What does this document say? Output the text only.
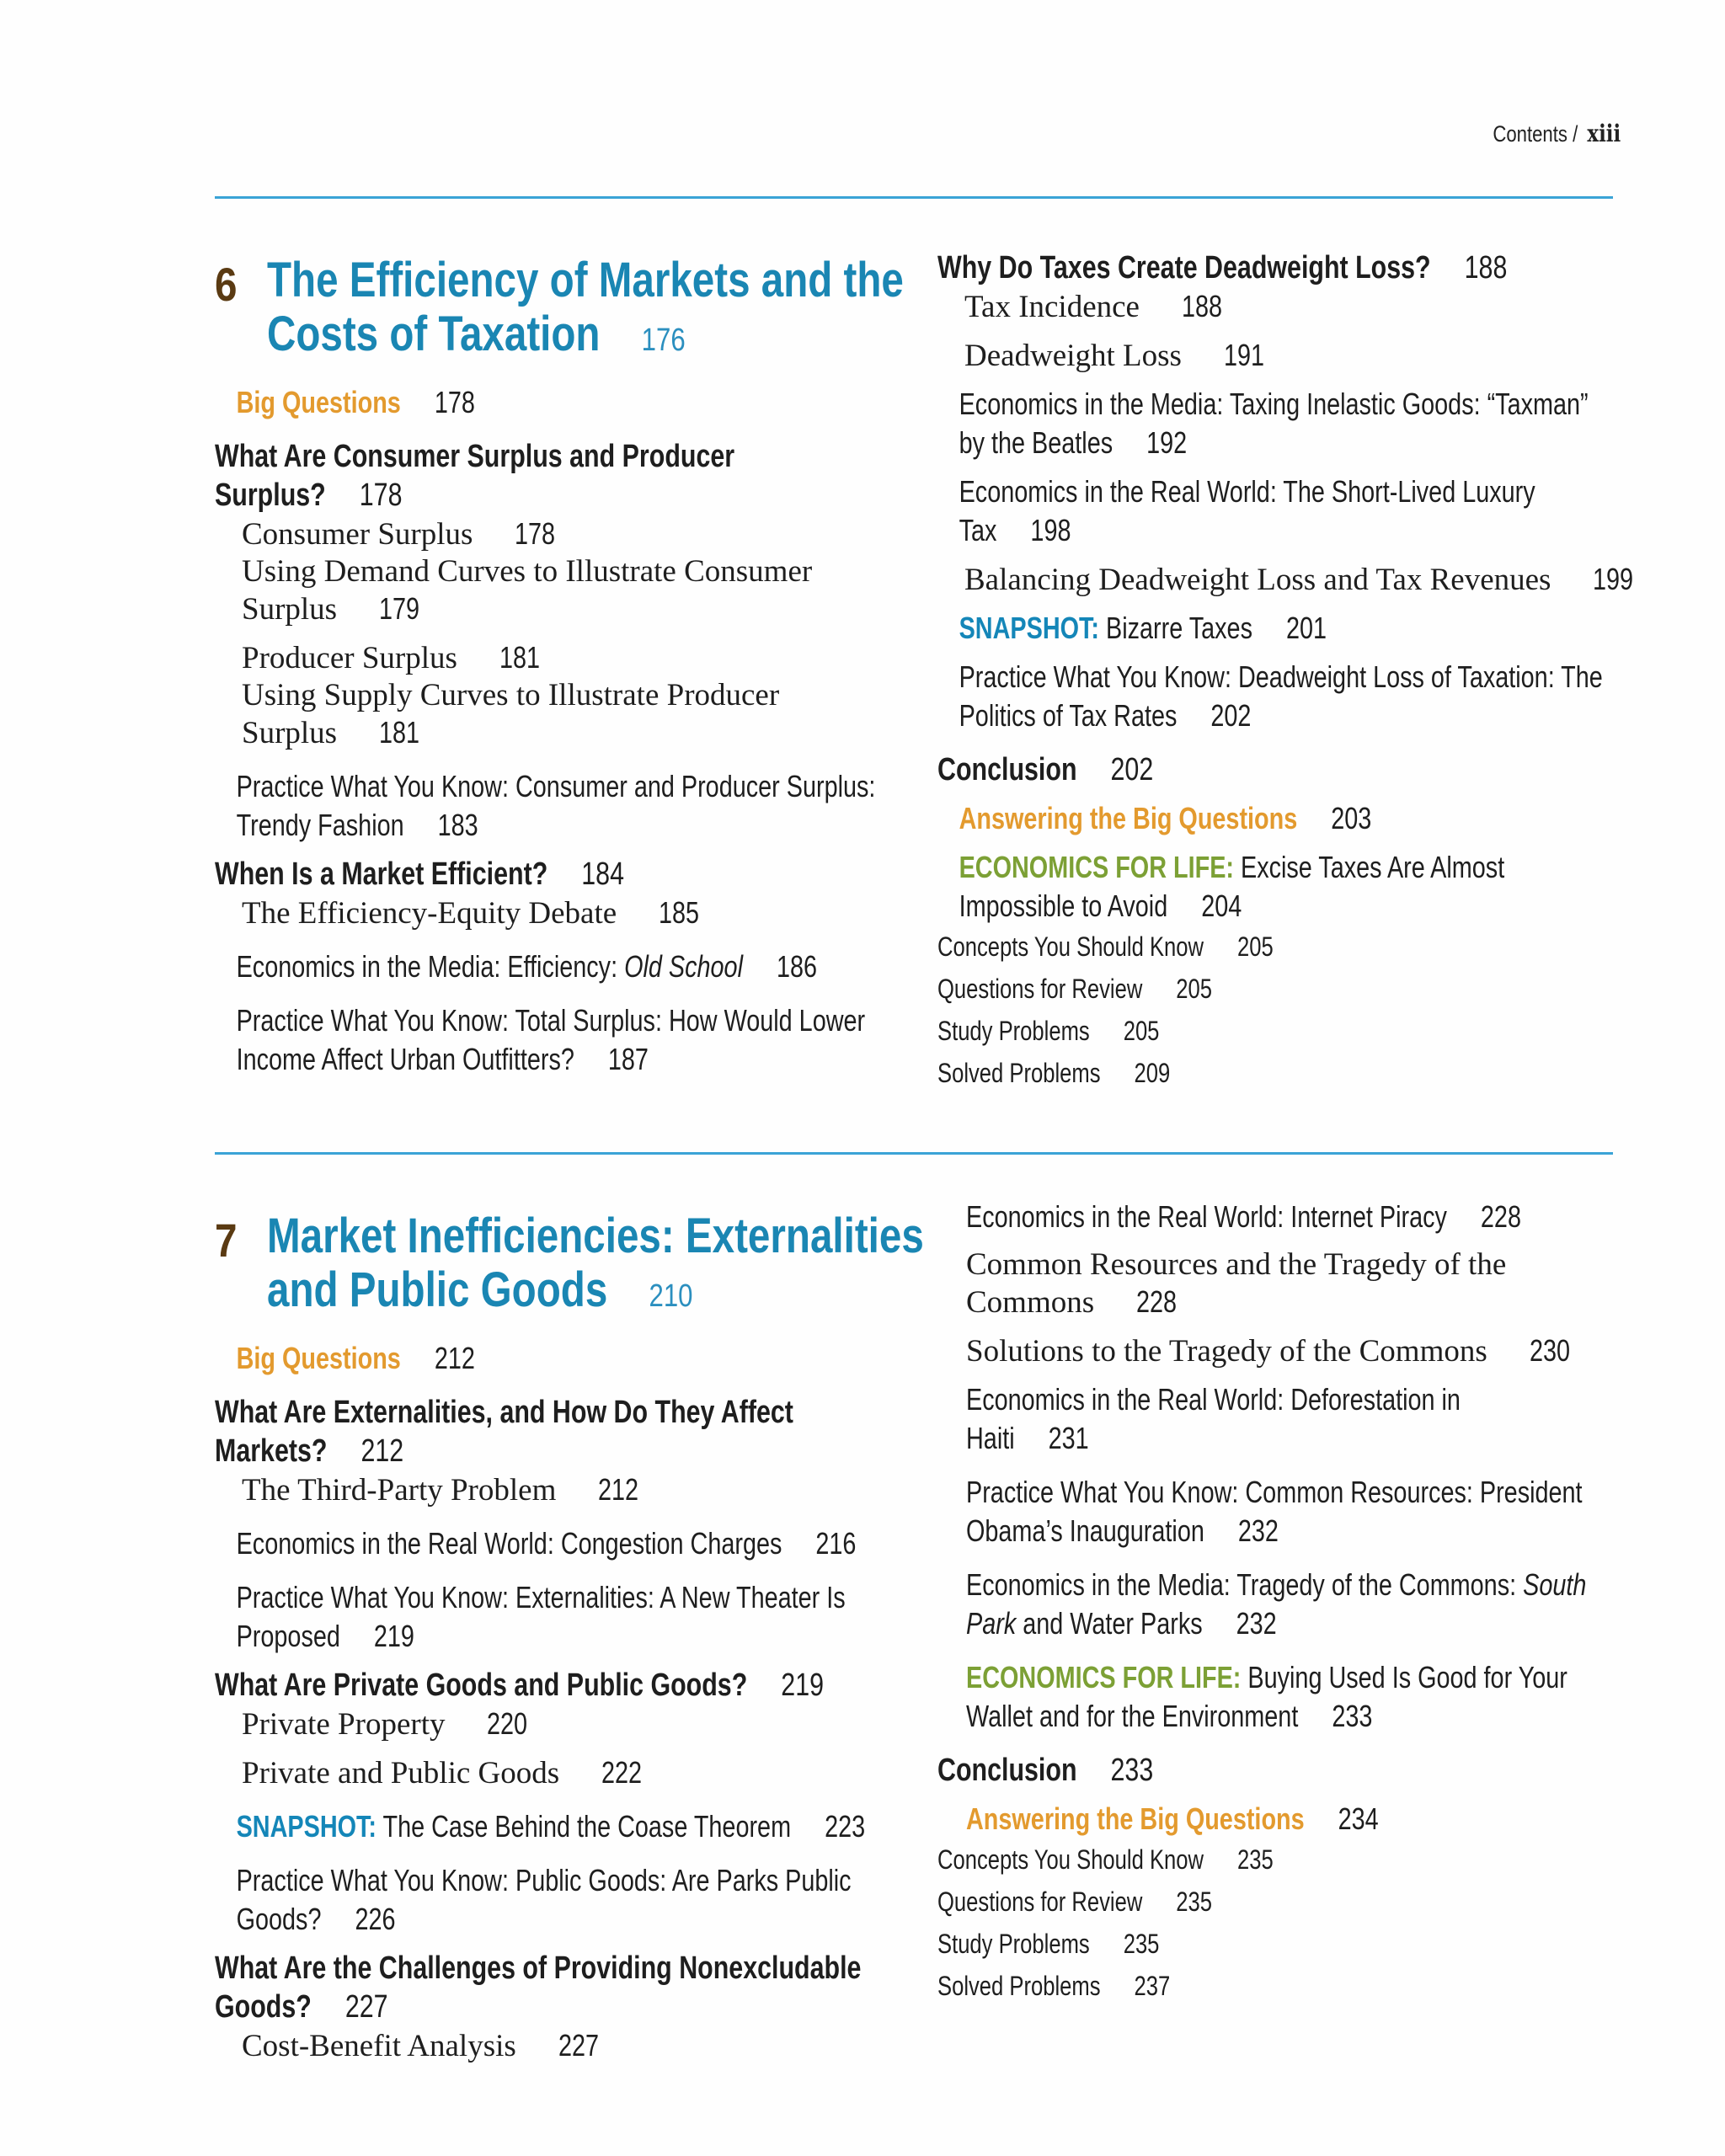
Contents / xiii
6 The Efficiency of Markets and the
Costs of Taxation 176
Big Questions 178
What Are Consumer Surplus and Producer
Surplus? 178
Consumer Surplus 178
Using Demand Curves to Illustrate Consumer
Surplus 179
Producer Surplus 181
Using Supply Curves to Illustrate Producer
Surplus 181
Practice What You Know: Consumer and Producer Surplus:
Trendy Fashion 183
When Is a Market Efficient? 184
The Efficiency-Equity Debate 185
Economics in the Media: Efficiency: Old School 186
Practice What You Know: Total Surplus: How Would Lower
Income Affect Urban Outfitters? 187
Why Do Taxes Create Deadweight Loss? 188
Tax Incidence 188
Deadweight Loss 191
Economics in the Media: Taxing Inelastic Goods: “Taxman”
by the Beatles 192
Economics in the Real World: The Short-Lived Luxury
Tax 198
Balancing Deadweight Loss and Tax Revenues 199
SNAPSHOT: Bizarre Taxes 201
Practice What You Know: Deadweight Loss of Taxation: The
Politics of Tax Rates 202
Conclusion 202
Answering the Big Questions 203
ECONOMICS FOR LIFE: Excise Taxes Are Almost
Impossible to Avoid 204
Concepts You Should Know 205
Questions for Review 205
Study Problems 205
Solved Problems 209
7 Market Inefficiencies: Externalities
and Public Goods 210
Big Questions 212
What Are Externalities, and How Do They Affect
Markets? 212
The Third-Party Problem 212
Economics in the Real World: Congestion Charges 216
Practice What You Know: Externalities: A New Theater Is
Proposed 219
What Are Private Goods and Public Goods? 219
Private Property 220
Private and Public Goods 222
SNAPSHOT: The Case Behind the Coase Theorem 223
Practice What You Know: Public Goods: Are Parks Public
Goods? 226
What Are the Challenges of Providing Nonexcludable
Goods? 227
Cost-Benefit Analysis 227
Economics in the Real World: Internet Piracy 228
Common Resources and the Tragedy of the
Commons 228
Solutions to the Tragedy of the Commons 230
Economics in the Real World: Deforestation in
Haiti 231
Practice What You Know: Common Resources: President
Obama’s Inauguration 232
Economics in the Media: Tragedy of the Commons: South
Park and Water Parks 232
ECONOMICS FOR LIFE: Buying Used Is Good for Your
Wallet and for the Environment 233
Conclusion 233
Answering the Big Questions 234
Concepts You Should Know 235
Questions for Review 235
Study Problems 235
Solved Problems 237
